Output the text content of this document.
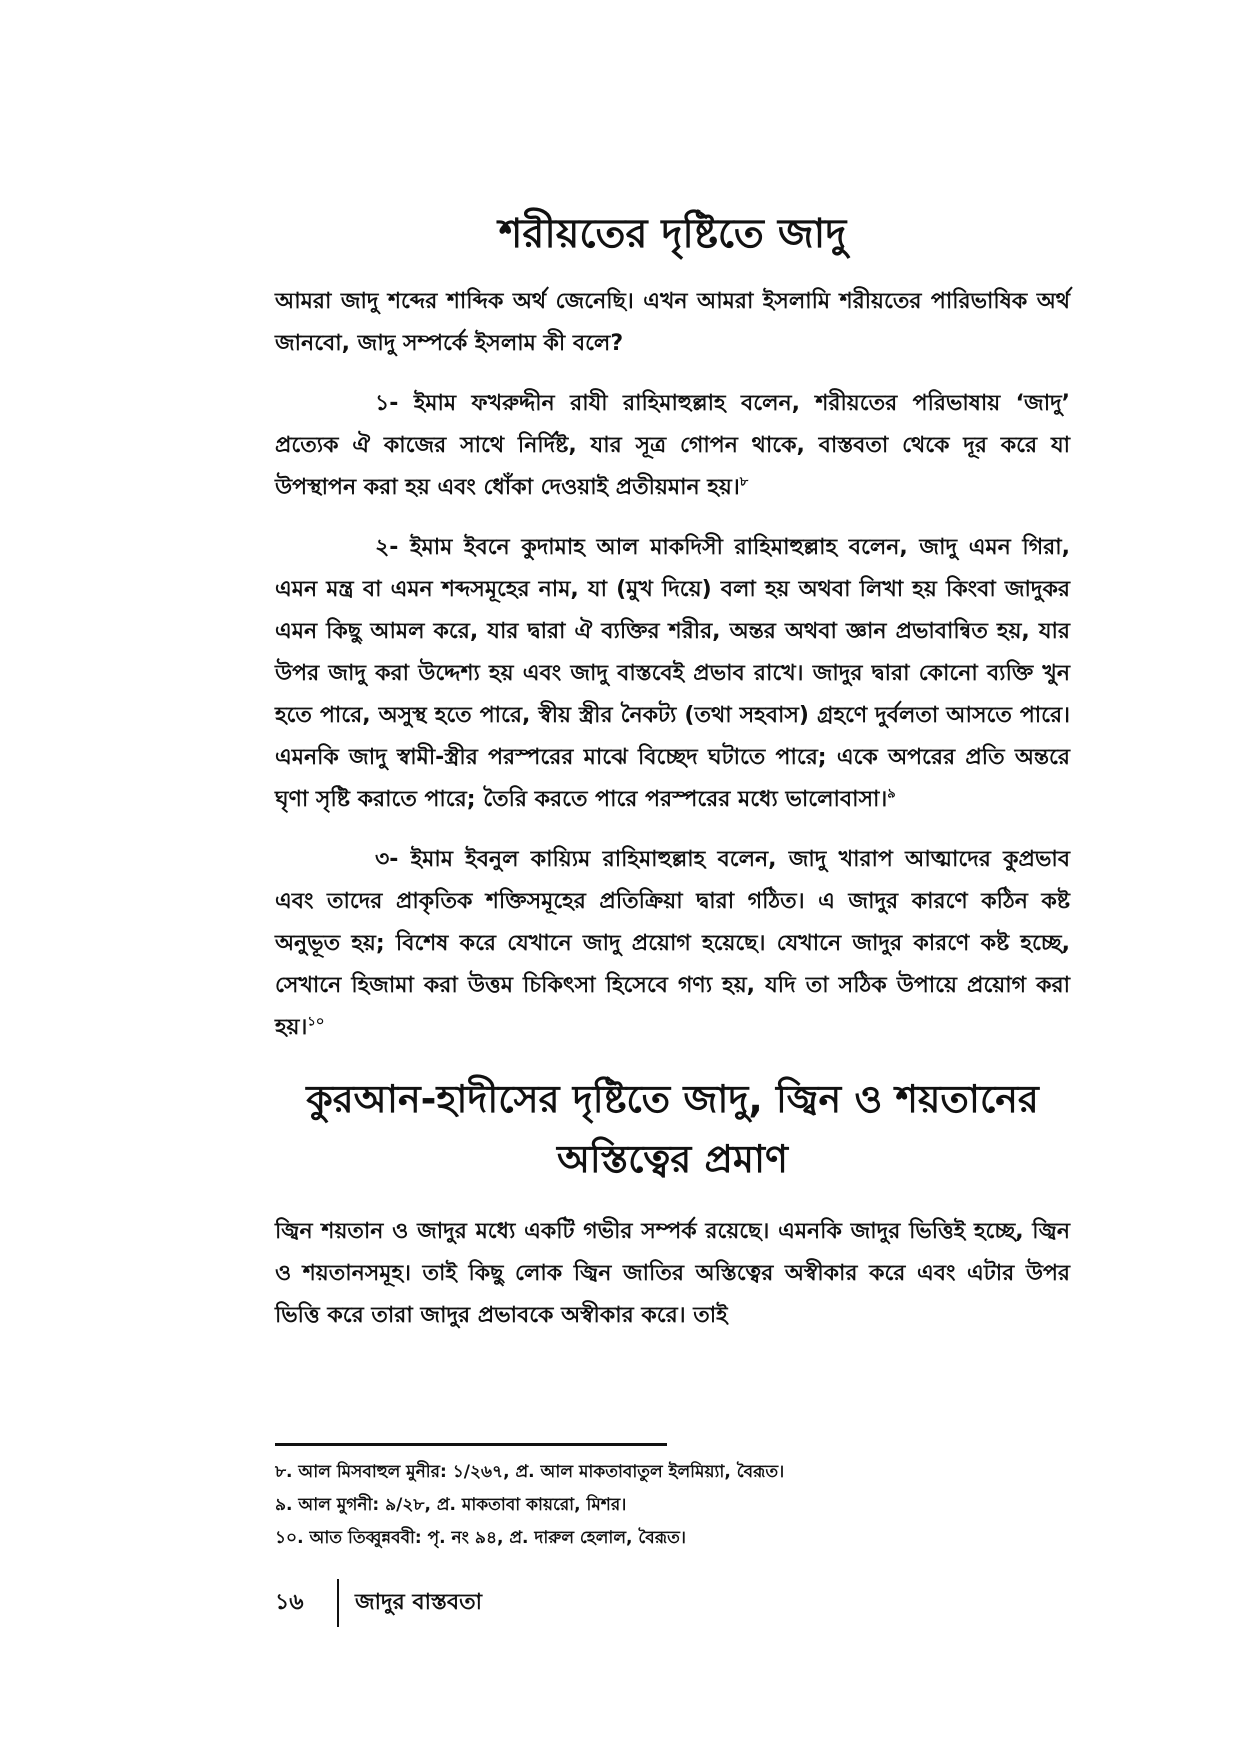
শরীয়তের দৃষ্টিতে জাদু

আমরা জাদু শব্দের শাব্দিক অর্থ জেনেছি। এখন আমরা ইসলামি শরীয়তের পারিভাষিক অর্থ জানবো, জাদু সম্পর্কে ইসলাম কী বলে?

১- ইমাম ফখরুদ্দীন রাযী রাহিমাহুল্লাহ বলেন, শরীয়তের পরিভাষায় ‘জাদু’ প্রত্যেক ঐ কাজের সাথে নির্দিষ্ট, যার সূত্র গোপন থাকে, বাস্তবতা থেকে দূর করে যা উপস্থাপন করা হয় এবং ধোঁকা দেওয়াই প্রতীয়মান হয়।$^৮$

২- ইমাম ইবনে কুদামাহ আল মাকদিসী রাহিমাহুল্লাহ বলেন, জাদু এমন গিরা, এমন মন্ত্র বা এমন শব্দসমূহের নাম, যা (মুখ দিয়ে) বলা হয় অথবা লিখা হয় কিংবা জাদুকর এমন কিছু আমল করে, যার দ্বারা ঐ ব্যক্তির শরীর, অন্তর অথবা জ্ঞান প্রভাবান্বিত হয়, যার উপর জাদু করা উদ্দেশ্য হয় এবং জাদু বাস্তবেই প্রভাব রাখে। জাদুর দ্বারা কোনো ব্যক্তি খুন হতে পারে, অসুস্থ হতে পারে, স্বীয় স্ত্রীর নৈকট্য (তথা সহবাস) গ্রহণে দুর্বলতা আসতে পারে। এমনকি জাদু স্বামী-স্ত্রীর পরস্পরের মাঝে বিচ্ছেদ ঘটাতে পারে; একে অপরের প্রতি অন্তরে ঘৃণা সৃষ্টি করাতে পারে; তৈরি করতে পারে পরস্পরের মধ্যে ভালোবাসা।$^৯$

৩- ইমাম ইবনুল কায়্যিম রাহিমাহুল্লাহ বলেন, জাদু খারাপ আত্মাদের কুপ্রভাব এবং তাদের প্রাকৃতিক শক্তিসমূহের প্রতিক্রিয়া দ্বারা গঠিত। এ জাদুর কারণে কঠিন কষ্ট অনুভূত হয়; বিশেষ করে যেখানে জাদু প্রয়োগ হয়েছে। যেখানে জাদুর কারণে কষ্ট হচ্ছে, সেখানে হিজামা করা উত্তম চিকিৎসা হিসেবে গণ্য হয়, যদি তা সঠিক উপায়ে প্রয়োগ করা হয়।$^{১০}$

কুরআন-হাদীসের দৃষ্টিতে জাদু, জ্বিন ও শয়তানের
অস্তিত্বের প্রমাণ

জ্বিন শয়তান ও জাদুর মধ্যে একটি গভীর সম্পর্ক রয়েছে। এমনকি জাদুর ভিত্তিই হচ্ছে, জ্বিন ও শয়তানসমূহ। তাই কিছু লোক জ্বিন জাতির অস্তিত্বের অস্বীকার করে এবং এটার উপর ভিত্তি করে তারা জাদুর প্রভাবকে অস্বীকার করে। তাই

৮. আল মিসবাহুল মুনীর: ১/২৬৭, প্র. আল মাকতাবাতুল ইলমিয়্যা, বৈরূত।

৯. আল মুগনী: ৯/২৮, প্র. মাকতাবা কায়রো, মিশর।

১০. আত তিব্বুন্নববী: পৃ. নং ৯৪, প্র. দারুল হেলাল, বৈরূত।

১৬	জাদুর বাস্তবতা
